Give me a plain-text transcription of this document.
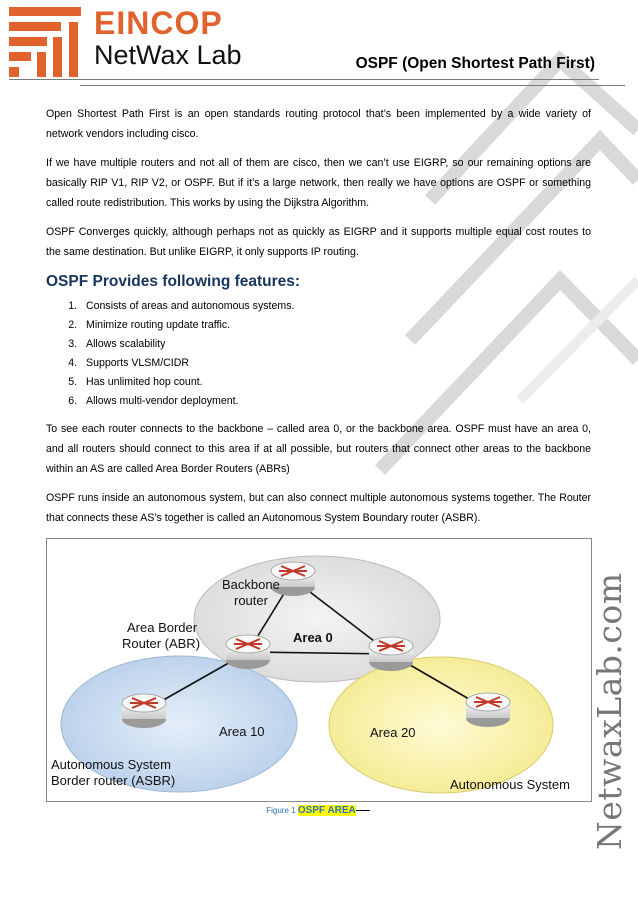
EINCOP
NetWax Lab	OSPF (Open Shortest Path First)

Open Shortest Path First is an open standards routing protocol that’s been implemented by a wide variety of network vendors including cisco.

If we have multiple routers and not all of them are cisco, then we can’t use EIGRP, so our remaining options are basically RIP V1, RIP V2, or OSPF. But if it’s a large network, then really we have options are OSPF or something called route redistribution. This works by using the Dijkstra Algorithm.

OSPF Converges quickly, although perhaps not as quickly as EIGRP and it supports multiple equal cost routes to the same destination. But unlike EIGRP, it only supports IP routing.

OSPF Provides following features:
1. Consists of areas and autonomous systems.
2. Minimize routing update traffic.
3. Allows scalability
4. Supports VLSM/CIDR
5. Has unlimited hop count.
6. Allows multi-vendor deployment.

To see each router connects to the backbone – called area 0, or the backbone area. OSPF must have an area 0, and all routers should connect to this area if at all possible, but routers that connect other areas to the backbone within an AS are called Area Border Routers (ABRs)

OSPF runs inside an autonomous system, but can also connect multiple autonomous systems together. The Router that connects these AS’s together is called an Autonomous System Boundary router (ASBR).

Backbone
router
Area Border
Router (ABR)	Area 0
Area 10	Area 20
Autonomous System
Border router (ASBR)	Autonomous System
Figure 1 OSPF AREA	NetwaxLab.com
